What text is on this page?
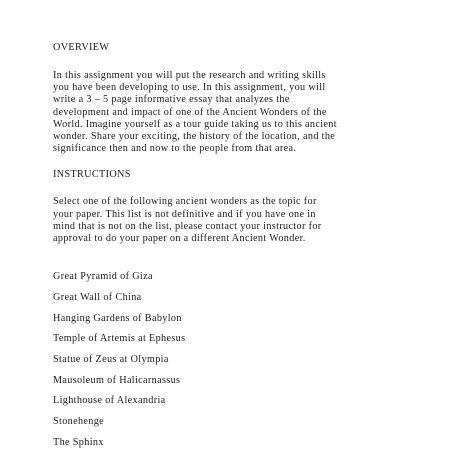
OVERVIEW

In this assignment you will put the research and writing skills
you have been developing to use. In this assignment, you will
write a 3 – 5 page informative essay that analyzes the
development and impact of one of the Ancient Wonders of the
World. Imagine yourself as a tour guide taking us to this ancient
wonder. Share your exciting, the history of the location, and the
significance then and now to the people from that area.

INSTRUCTIONS

Select one of the following ancient wonders as the topic for
your paper. This list is not definitive and if you have one in
mind that is not on the list, please contact your instructor for
approval to do your paper on a different Ancient Wonder.

Great Pyramid of Giza
Great Wall of China
Hanging Gardens of Babylon
Temple of Artemis at Ephesus
Statue of Zeus at Olympia
Mausoleum of Halicarnassus
Lighthouse of Alexandria
Stonehenge
The Sphinx
